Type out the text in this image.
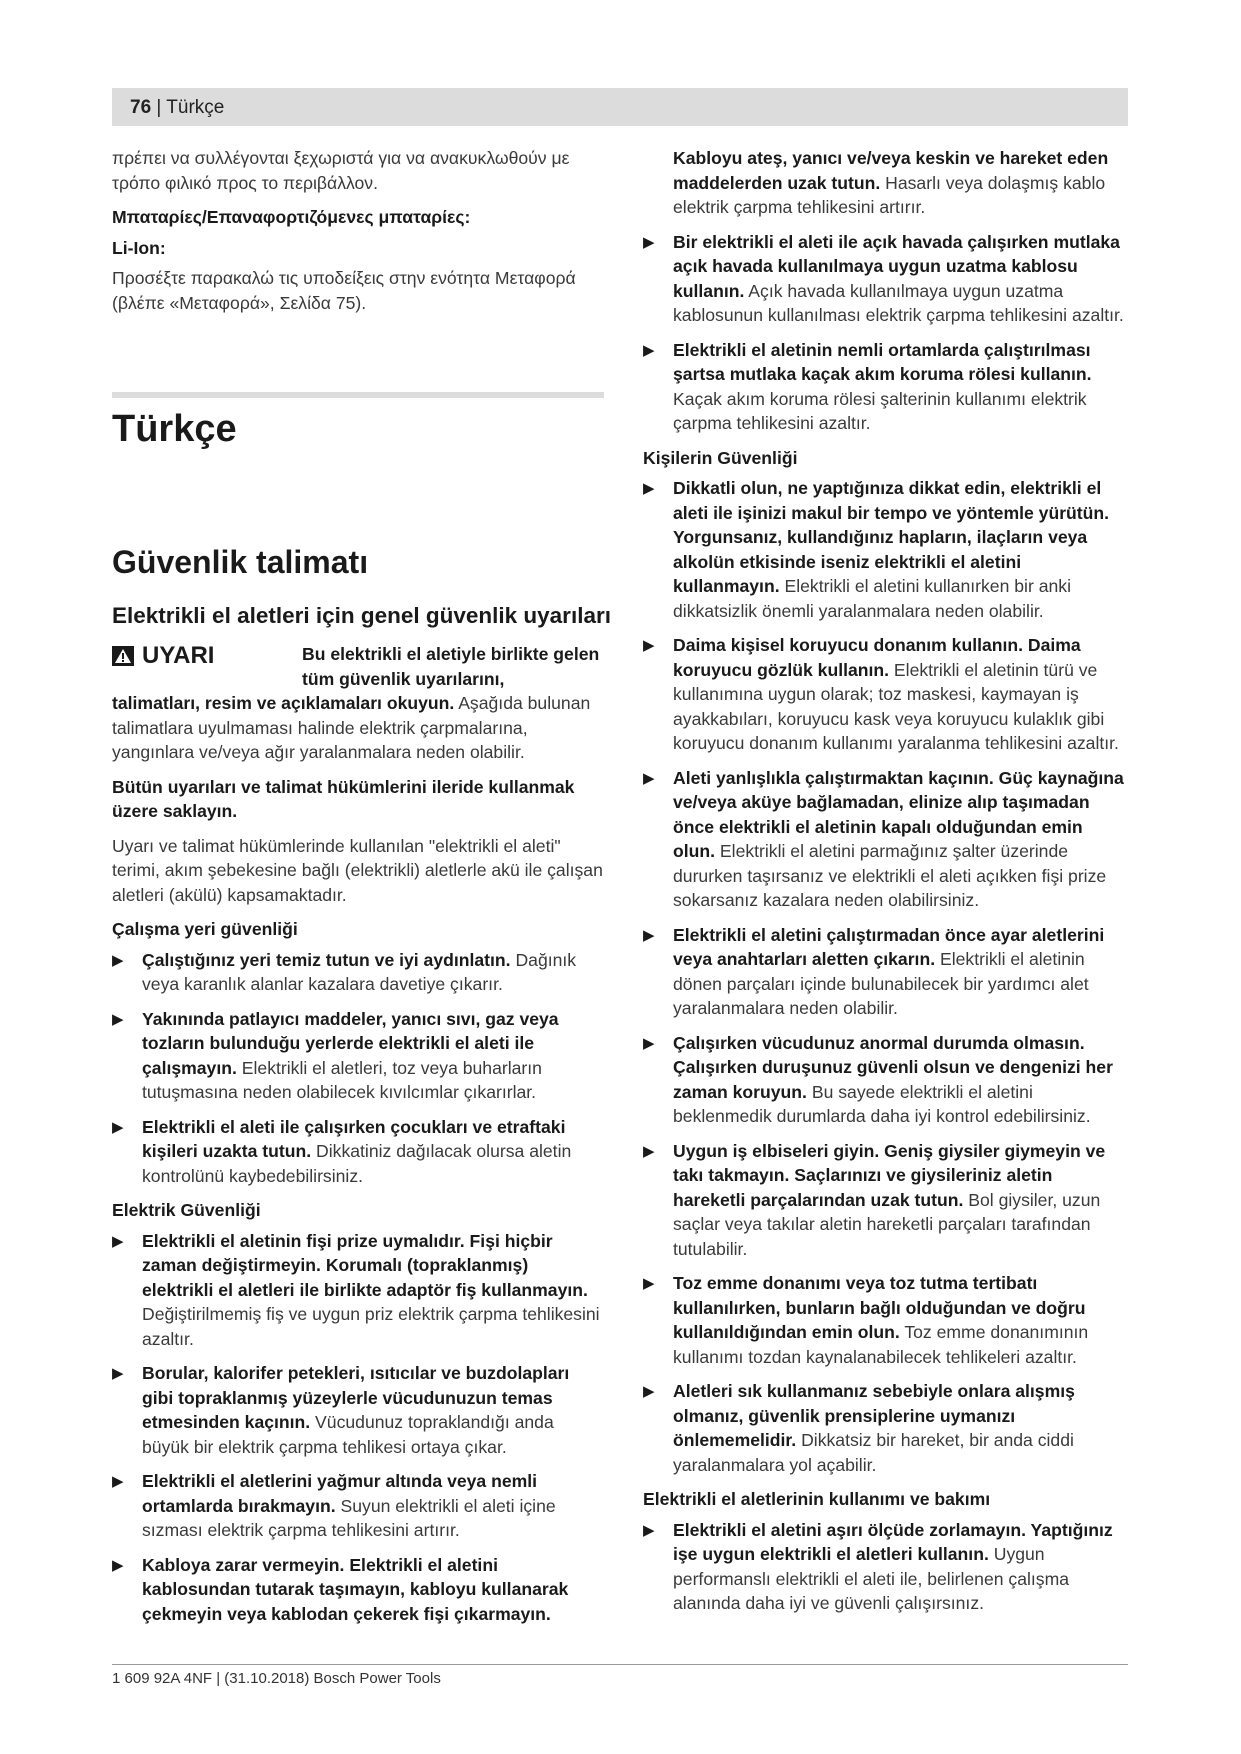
76 | Türkçe

πρέπει να συλλέγονται ξεχωριστά για να ανακυκλωθούν με τρόπο φιλικό προς το περιβάλλον.

Μπαταρίες/Επαναφορτιζόμενες μπαταρίες:

Li-Ion:

Προσέξτε παρακαλώ τις υποδείξεις στην ενότητα Μεταφορά (βλέπε «Μεταφορά», Σελίδα 75).

Türkçe
Güvenlik talimatı
Elektrikli el aletleri için genel güvenlik uyarıları
UYARI	Bu elektrikli el aletiyle birlikte gelen tüm güvenlik uyarılarını,

talimatları, resim ve açıklamaları okuyun. Aşağıda bulunan talimatlara uyulmaması halinde elektrik çarpmalarına, yangınlara ve/veya ağır yaralanmalara neden olabilir.

Bütün uyarıları ve talimat hükümlerini ileride kullanmak üzere saklayın.

Uyarı ve talimat hükümlerinde kullanılan "elektrikli el aleti" terimi, akım şebekesine bağlı (elektrikli) aletlerle akü ile çalışan aletleri (akülü) kapsamaktadır.

Çalışma yeri güvenliği

▶	Çalıştığınız yeri temiz tutun ve iyi aydınlatın. Dağınık veya karanlık alanlar kazalara davetiye çıkarır.
▶	Yakınında patlayıcı maddeler, yanıcı sıvı, gaz veya tozların bulunduğu yerlerde elektrikli el aleti ile çalışmayın. Elektrikli el aletleri, toz veya buharların tutuşmasına neden olabilecek kıvılcımlar çıkarırlar.
▶	Elektrikli el aleti ile çalışırken çocukları ve etraftaki kişileri uzakta tutun. Dikkatiniz dağılacak olursa aletin kontrolünü kaybedebilirsiniz.

Elektrik Güvenliği

▶	Elektrikli el aletinin fişi prize uymalıdır. Fişi hiçbir zaman değiştirmeyin. Korumalı (topraklanmış) elektrikli el aletleri ile birlikte adaptör fiş kullanmayın. Değiştirilmemiş fiş ve uygun priz elektrik çarpma tehlikesini azaltır.
▶	Borular, kalorifer petekleri, ısıtıcılar ve buzdolapları gibi topraklanmış yüzeylerle vücudunuzun temas etmesinden kaçının. Vücudunuz topraklandığı anda büyük bir elektrik çarpma tehlikesi ortaya çıkar.
▶	Elektrikli el aletlerini yağmur altında veya nemli ortamlarda bırakmayın. Suyun elektrikli el aleti içine sızması elektrik çarpma tehlikesini artırır.
▶	Kabloya zarar vermeyin. Elektrikli el aletini kablosundan tutarak taşımayın, kabloyu kullanarak çekmeyin veya kablodan çekerek fişi çıkarmayın.
Kabloyu ateş, yanıcı ve/veya keskin ve hareket eden maddelerden uzak tutun. Hasarlı veya dolaşmış kablo elektrik çarpma tehlikesini artırır.
▶	Bir elektrikli el aleti ile açık havada çalışırken mutlaka açık havada kullanılmaya uygun uzatma kablosu kullanın. Açık havada kullanılmaya uygun uzatma kablosunun kullanılması elektrik çarpma tehlikesini azaltır.
▶	Elektrikli el aletinin nemli ortamlarda çalıştırılması şartsa mutlaka kaçak akım koruma rölesi kullanın. Kaçak akım koruma rölesi şalterinin kullanımı elektrik çarpma tehlikesini azaltır.

Kişilerin Güvenliği

▶	Dikkatli olun, ne yaptığınıza dikkat edin, elektrikli el aleti ile işinizi makul bir tempo ve yöntemle yürütün. Yorgunsanız, kullandığınız hapların, ilaçların veya alkolün etkisinde iseniz elektrikli el aletini kullanmayın. Elektrikli el aletini kullanırken bir anki dikkatsizlik önemli yaralanmalara neden olabilir.
▶	Daima kişisel koruyucu donanım kullanın. Daima koruyucu gözlük kullanın. Elektrikli el aletinin türü ve kullanımına uygun olarak; toz maskesi, kaymayan iş ayakkabıları, koruyucu kask veya koruyucu kulaklık gibi koruyucu donanım kullanımı yaralanma tehlikesini azaltır.
▶	Aleti yanlışlıkla çalıştırmaktan kaçının. Güç kaynağına ve/veya aküye bağlamadan, elinize alıp taşımadan önce elektrikli el aletinin kapalı olduğundan emin olun. Elektrikli el aletini parmağınız şalter üzerinde dururken taşırsanız ve elektrikli el aleti açıkken fişi prize sokarsanız kazalara neden olabilirsiniz.
▶	Elektrikli el aletini çalıştırmadan önce ayar aletlerini veya anahtarları aletten çıkarın. Elektrikli el aletinin dönen parçaları içinde bulunabilecek bir yardımcı alet yaralanmalara neden olabilir.
▶	Çalışırken vücudunuz anormal durumda olmasın. Çalışırken duruşunuz güvenli olsun ve dengenizi her zaman koruyun. Bu sayede elektrikli el aletini beklenmedik durumlarda daha iyi kontrol edebilirsiniz.
▶	Uygun iş elbiseleri giyin. Geniş giysiler giymeyin ve takı takmayın. Saçlarınızı ve giysileriniz aletin hareketli parçalarından uzak tutun. Bol giysiler, uzun saçlar veya takılar aletin hareketli parçaları tarafından tutulabilir.
▶	Toz emme donanımı veya toz tutma tertibatı kullanılırken, bunların bağlı olduğundan ve doğru kullanıldığından emin olun. Toz emme donanımının kullanımı tozdan kaynalanabilecek tehlikeleri azaltır.
▶	Aletleri sık kullanmanız sebebiyle onlara alışmış olmanız, güvenlik prensiplerine uymanızı önlememelidir. Dikkatsiz bir hareket, bir anda ciddi yaralanmalara yol açabilir.

Elektrikli el aletlerinin kullanımı ve bakımı

▶	Elektrikli el aletini aşırı ölçüde zorlamayın. Yaptığınız işe uygun elektrikli el aletleri kullanın. Uygun performanslı elektrikli el aleti ile, belirlenen çalışma alanında daha iyi ve güvenli çalışırsınız.
1 609 92A 4NF | (31.10.2018) Bosch Power Tools
